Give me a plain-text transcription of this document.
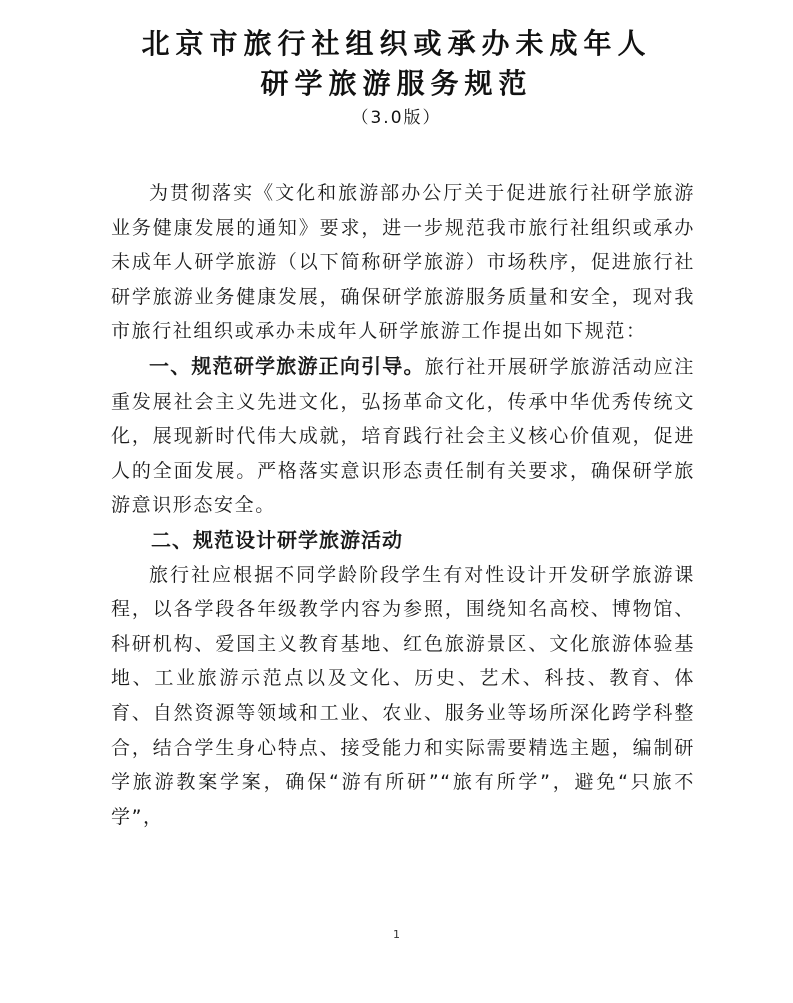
北京市旅行社组织或承办未成年人
研学旅游服务规范
（3.0版）

为贯彻落实《文化和旅游部办公厅关于促进旅行社研学旅游业务健康发展的通知》要求，进一步规范我市旅行社组织或承办未成年人研学旅游（以下简称研学旅游）市场秩序，促进旅行社研学旅游业务健康发展，确保研学旅游服务质量和安全，现对我市旅行社组织或承办未成年人研学旅游工作提出如下规范：

一、规范研学旅游正向引导。旅行社开展研学旅游活动应注重发展社会主义先进文化，弘扬革命文化，传承中华优秀传统文化，展现新时代伟大成就，培育践行社会主义核心价值观，促进人的全面发展。严格落实意识形态责任制有关要求，确保研学旅游意识形态安全。

二、规范设计研学旅游活动

旅行社应根据不同学龄阶段学生有对性设计开发研学旅游课程，以各学段各年级教学内容为参照，围绕知名高校、博物馆、科研机构、爱国主义教育基地、红色旅游景区、文化旅游体验基地、工业旅游示范点以及文化、历史、艺术、科技、教育、体育、自然资源等领域和工业、农业、服务业等场所深化跨学科整合，结合学生身心特点、接受能力和实际需要精选主题，编制研学旅游教案学案，确保“游有所研”“旅有所学”，避免“只旅不学”，

1
